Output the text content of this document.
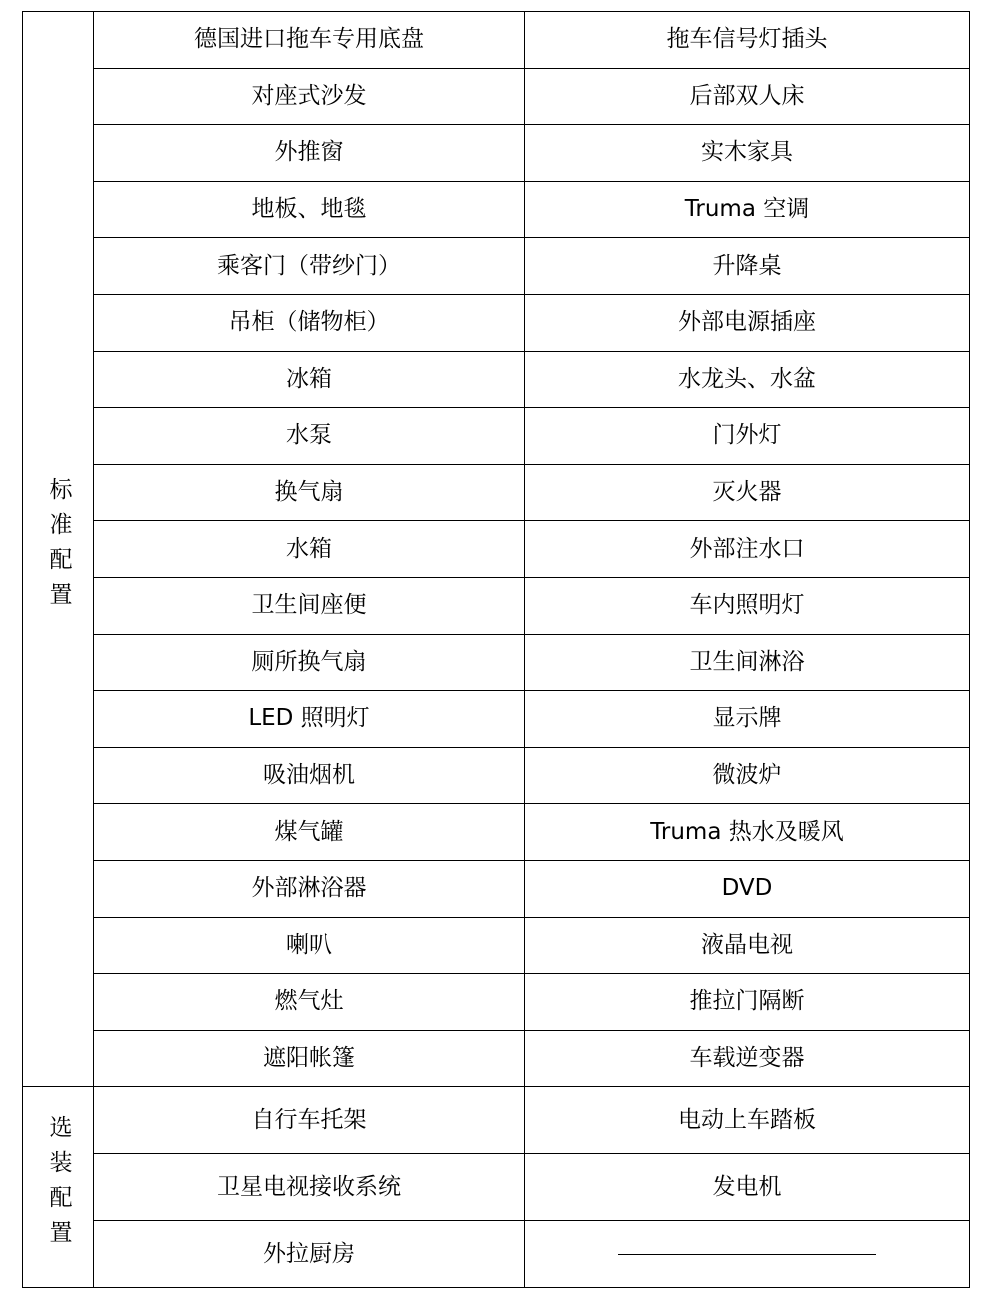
标准配置	德国进口拖车专用底盘	拖车信号灯插头
	对座式沙发	后部双人床
	外推窗	实木家具
	地板、地毯	Truma 空调
	乘客门（带纱门）	升降桌
	吊柜（储物柜）	外部电源插座
	冰箱	水龙头、水盆
	水泵	门外灯
	换气扇	灭火器
	水箱	外部注水口
	卫生间座便	车内照明灯
	厕所换气扇	卫生间淋浴
	LED 照明灯	显示牌
	吸油烟机	微波炉
	煤气罐	Truma 热水及暖风
	外部淋浴器	DVD
	喇叭	液晶电视
	燃气灶	推拉门隔断
	遮阳帐篷	车载逆变器
选装配置	自行车托架	电动上车踏板
	卫星电视接收系统	发电机
	外拉厨房	
